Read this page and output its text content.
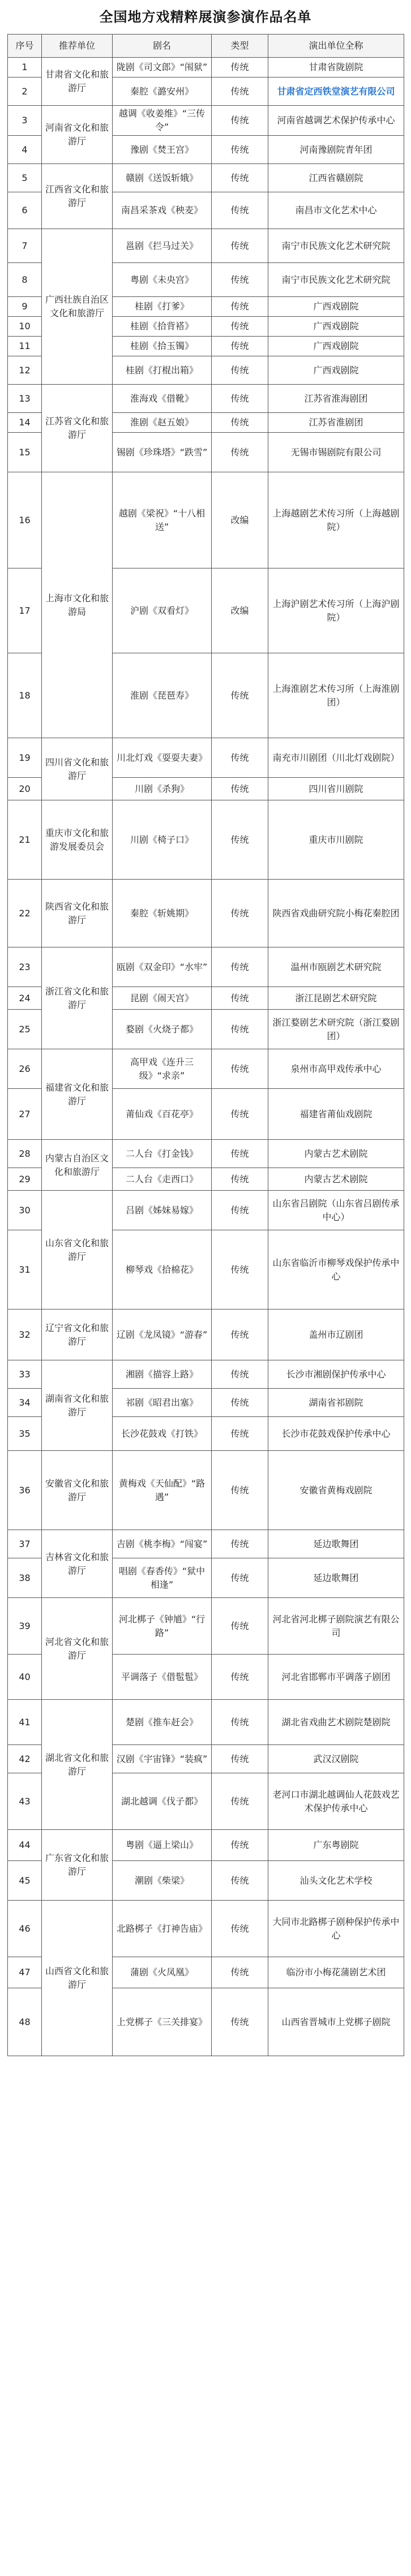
全国地方戏精粹展演参演作品名单
序号	推荐单位	剧名	类型	演出单位全称
1	甘肃省文化和旅游厅	陇剧《司文郎》“闱狱”	传统	甘肃省陇剧院
2		秦腔《潞安州》	传统	甘肃省定西铁堂演艺有限公司
3	河南省文化和旅游厅	越调《收姜维》“三传令”	传统	河南省越调艺术保护传承中心
4		豫剧《焚王宫》	传统	河南豫剧院青年团
5	江西省文化和旅游厅	赣剧《送饭斩娥》	传统	江西省赣剧院
6		南昌采茶戏《秧麦》	传统	南昌市文化艺术中心
7	广西壮族自治区文化和旅游厅	邕剧《拦马过关》	传统	南宁市民族文化艺术研究院
8		粤剧《未央宫》	传统	南宁市民族文化艺术研究院
9		桂剧《打爹》	传统	广西戏剧院
10		桂剧《拾背褡》	传统	广西戏剧院
11		桂剧《拾玉镯》	传统	广西戏剧院
12		桂剧《打棍出箱》	传统	广西戏剧院
13	江苏省文化和旅游厅	淮海戏《借靴》	传统	江苏省淮海剧团
14		淮剧《赵五娘》	传统	江苏省淮剧团
15		锡剧《珍珠塔》“跌雪”	传统	无锡市锡剧院有限公司
16	上海市文化和旅游局	越剧《梁祝》“十八相送”	改编	上海越剧艺术传习所（上海越剧院）
17		沪剧《双看灯》	改编	上海沪剧艺术传习所（上海沪剧院）
18		淮剧《琵琶寿》	传统	上海淮剧艺术传习所（上海淮剧团）
19	四川省文化和旅游厅	川北灯戏《耍耍夫妻》	传统	南充市川剧团（川北灯戏剧院）
20		川剧《杀狗》	传统	四川省川剧院
21	重庆市文化和旅游发展委员会	川剧《椅子口》	传统	重庆市川剧院
22	陕西省文化和旅游厅	秦腔《斩姚期》	传统	陕西省戏曲研究院小梅花秦腔团
23	浙江省文化和旅游厅	瓯剧《双金印》“水牢”	传统	温州市瓯剧艺术研究院
24		昆剧《闹天宫》	传统	浙江昆剧艺术研究院
25		婺剧《火烧子都》	传统	浙江婺剧艺术研究院（浙江婺剧团）
26	福建省文化和旅游厅	高甲戏《连升三级》“求亲”	传统	泉州市高甲戏传承中心
27		莆仙戏《百花亭》	传统	福建省莆仙戏剧院
28	内蒙古自治区文化和旅游厅	二人台《打金钱》	传统	内蒙古艺术剧院
29		二人台《走西口》	传统	内蒙古艺术剧院
30	山东省文化和旅游厅	吕剧《姊妹易嫁》	传统	山东省吕剧院（山东省吕剧传承中心）
31		柳琴戏《拾棉花》	传统	山东省临沂市柳琴戏保护传承中心
32	辽宁省文化和旅游厅	辽剧《龙凤镜》“游春”	传统	盖州市辽剧团
33	湖南省文化和旅游厅	湘剧《描容上路》	传统	长沙市湘剧保护传承中心
34		祁剧《昭君出塞》	传统	湖南省祁剧院
35		长沙花鼓戏《打铁》	传统	长沙市花鼓戏保护传承中心
36	安徽省文化和旅游厅	黄梅戏《天仙配》“路遇”	传统	安徽省黄梅戏剧院
37	吉林省文化和旅游厅	吉剧《桃李梅》“闯宴”	传统	延边歌舞团
38		唱剧《春香传》“狱中相逢”	传统	延边歌舞团
39	河北省文化和旅游厅	河北梆子《钟馗》“行路”	传统	河北省河北梆子剧院演艺有限公司
40		平调落子《借髢髢》	传统	河北省邯郸市平调落子剧团
41	湖北省文化和旅游厅	楚剧《推车赶会》	传统	湖北省戏曲艺术剧院楚剧院
42		汉剧《宇宙锋》“装疯”	传统	武汉汉剧院
43		湖北越调《伐子都》	传统	老河口市湖北越调仙人花鼓戏艺术保护传承中心
44	广东省文化和旅游厅	粤剧《逼上梁山》	传统	广东粤剧院
45		潮剧《柴梁》	传统	汕头文化艺术学校
46	山西省文化和旅游厅	北路梆子《打神告庙》	传统	大同市北路梆子剧种保护传承中心
47		蒲剧《火凤凰》	传统	临汾市小梅花蒲剧艺术团
48		上党梆子《三关排宴》	传统	山西省晋城市上党梆子剧院
